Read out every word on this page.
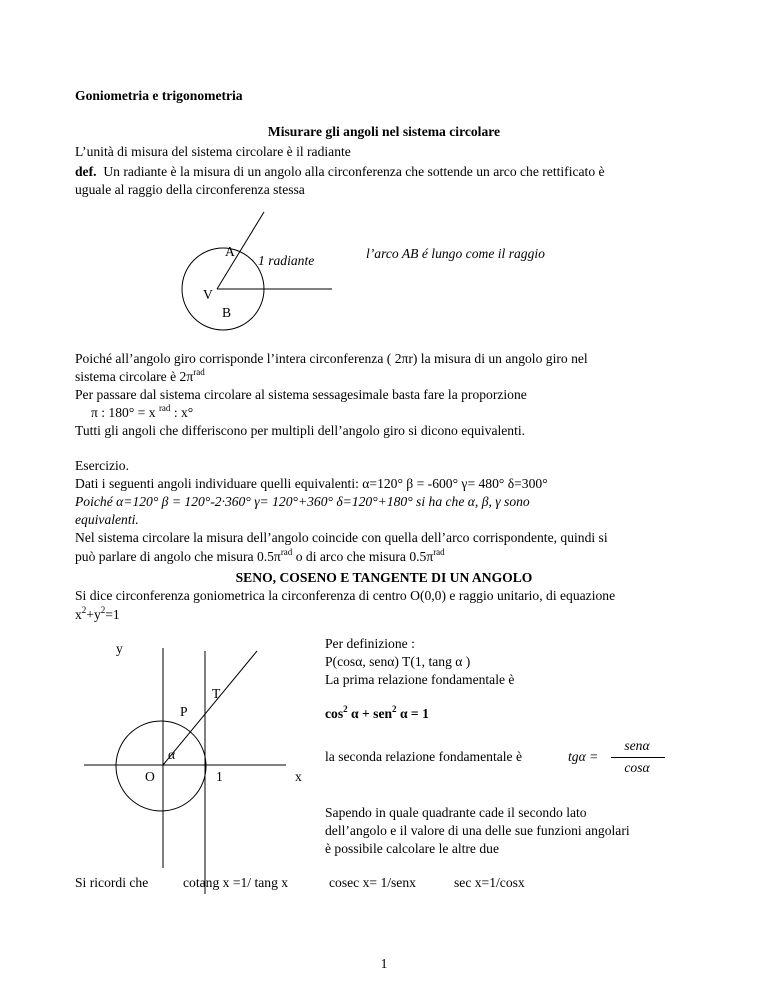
Goniometria e trigonometria
Misurare gli angoli nel sistema circolare
L’unità di misura del sistema circolare è il radiante
def. Un radiante è la misura di un angolo alla circonferenza che sottende un arco che rettificato è
uguale al raggio della circonferenza stessa
A
V
B
y
x
O	1
T
P
α
1 radiante	l’arco AB é lungo come il raggio
Poiché all’angolo giro corrisponde l’intera circonferenza ( 2πr) la misura di un angolo giro nel
sistema circolare è $2\pi^{rad}$
Per passare dal sistema circolare al sistema sessagesimale basta fare la proporzione
π : 180° = x $^{rad}$ : x°
Tutti gli angoli che differiscono per multipli dell’angolo giro si dicono equivalenti.
Esercizio.
Dati i seguenti angoli individuare quelli equivalenti: α=120° β = -600° γ= 480° δ=300°
Poiché α=120° β = 120°-2·360° γ= 120°+360° δ=120°+180° si ha che α, β, γ sono
equivalenti.
Nel sistema circolare la misura dell’angolo coincide con quella dell’arco corrispondente, quindi si
può parlare di angolo che misura $0.5\pi^{rad}$ o di arco che misura $0.5\pi^{rad}$
SENO, COSENO E TANGENTE DI UN ANGOLO
Si dice circonferenza goniometrica la circonferenza di centro O(0,0) e raggio unitario, di equazione
$x^2+y^2=1$
Per definizione :
P(cosα, senα) T(1, tang α )
La prima relazione fondamentale è
$\cos^2 \alpha + sen^2$ α = 1
la seconda relazione fondamentale è	tgα =
senα
cosα
Sapendo in quale quadrante cade il secondo lato
dell’angolo e il valore di una delle sue funzioni angolari
è possibile calcolare le altre due
Si ricordi che	cotang x =1/ tang x	cosec x= 1/senx	sec x=1/cosx
1
